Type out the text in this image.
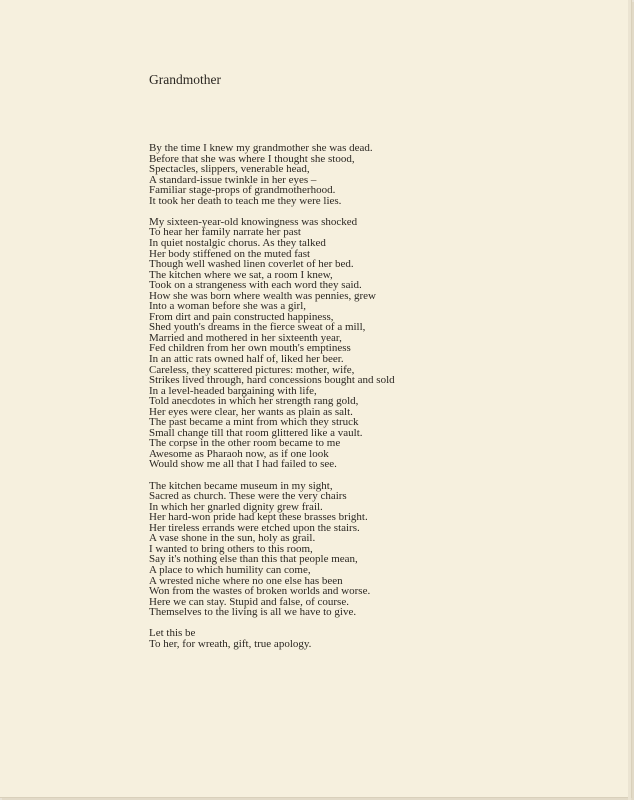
Grandmother
By the time I knew my grandmother she was dead.
Before that she was where I thought she stood,
Spectacles, slippers, venerable head,
A standard-issue twinkle in her eyes –
Familiar stage-props of grandmotherhood.
It took her death to teach me they were lies.
My sixteen-year-old knowingness was shocked
To hear her family narrate her past
In quiet nostalgic chorus. As they talked
Her body stiffened on the muted fast
Though well washed linen coverlet of her bed.
The kitchen where we sat, a room I knew,
Took on a strangeness with each word they said.
How she was born where wealth was pennies, grew
Into a woman before she was a girl,
From dirt and pain constructed happiness,
Shed youth's dreams in the fierce sweat of a mill,
Married and mothered in her sixteenth year,
Fed children from her own mouth's emptiness
In an attic rats owned half of, liked her beer.
Careless, they scattered pictures: mother, wife,
Strikes lived through, hard concessions bought and sold
In a level-headed bargaining with life,
Told anecdotes in which her strength rang gold,
Her eyes were clear, her wants as plain as salt.
The past became a mint from which they struck
Small change till that room glittered like a vault.
The corpse in the other room became to me
Awesome as Pharaoh now, as if one look
Would show me all that I had failed to see.
The kitchen became museum in my sight,
Sacred as church. These were the very chairs
In which her gnarled dignity grew frail.
Her hard-won pride had kept these brasses bright.
Her tireless errands were etched upon the stairs.
A vase shone in the sun, holy as grail.
I wanted to bring others to this room,
Say it's nothing else than this that people mean,
A place to which humility can come,
A wrested niche where no one else has been
Won from the wastes of broken worlds and worse.
Here we can stay. Stupid and false, of course.
Themselves to the living is all we have to give.
Let this be
To her, for wreath, gift, true apology.
